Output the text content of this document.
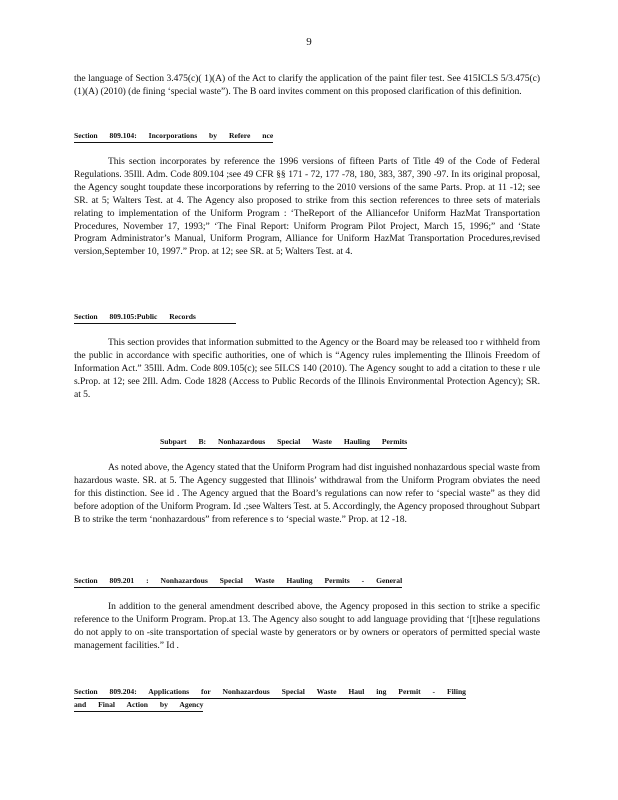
9

the language of Section 3.475(c)( 1)(A) of the Act to clarify the application of the paint filer test. See 415ICLS 5/3.475(c)(1)(A) (2010) (de fining ‘special waste”). The B oard invites comment on this proposed clarification of this definition.

Section 809.104: Incorporations by Refere nce

This section incorporates by reference the 1996 versions of fifteen Parts of Title 49 of the Code of Federal Regulations. 35Ill. Adm. Code 809.104 ;see 49 CFR §§ 171 - 72, 177 -78, 180, 383, 387, 390 -97. In its original proposal, the Agency sought toupdate these incorporations by referring to the 2010 versions of the same Parts. Prop. at 11 -12; see SR. at 5; Walters Test. at 4. The Agency also proposed to strike from this section references to three sets of materials relating to implementation of the Uniform Program : ‘TheReport of the Alliancefor Uniform HazMat Transportation Procedures, November 17, 1993;” ‘The Final Report: Uniform Program Pilot Project, March 15, 1996;” and ‘State Program Administrator’s Manual, Uniform Program, Alliance for Uniform HazMat Transportation Procedures,revised version,September 10, 1997.” Prop. at 12; see SR. at 5; Walters Test. at 4.

Section 809.105:Public Records

This section provides that information submitted to the Agency or the Board may be released too r withheld from the public in accordance with specific authorities, one of which is “Agency rules implementing the Illinois Freedom of Information Act.” 35Ill. Adm. Code 809.105(c); see 5ILCS 140 (2010). The Agency sought to add a citation to these r ule s.Prop. at 12; see 2Ill. Adm. Code 1828 (Access to Public Records of the Illinois Environmental Protection Agency); SR. at 5.

Subpart B: Nonhazardous Special Waste Hauling Permits

As noted above, the Agency stated that the Uniform Program had dist inguished nonhazardous special waste from hazardous waste. SR. at 5. The Agency suggested that Illinois’ withdrawal from the Uniform Program obviates the need for this distinction. See id . The Agency argued that the Board’s regulations can now refer to ‘special waste” as they did before adoption of the Uniform Program. Id .;see Walters Test. at 5. Accordingly, the Agency proposed throughout Subpart B to strike the term ‘nonhazardous” from reference s to ‘special waste.” Prop. at 12 -18.

Section 809.201 : Nonhazardous Special Waste Hauling Permits - General

In addition to the general amendment described above, the Agency proposed in this section to strike a specific reference to the Uniform Program. Prop.at 13. The Agency also sought to add language providing that ‘[t]hese regulations do not apply to on -site transportation of special waste by generators or by owners or operators of permitted special waste management facilities.” Id .

Section 809.204: Applications for Nonhazardous Special Waste Haul ing Permit - Filing
and Final Action by Agency
